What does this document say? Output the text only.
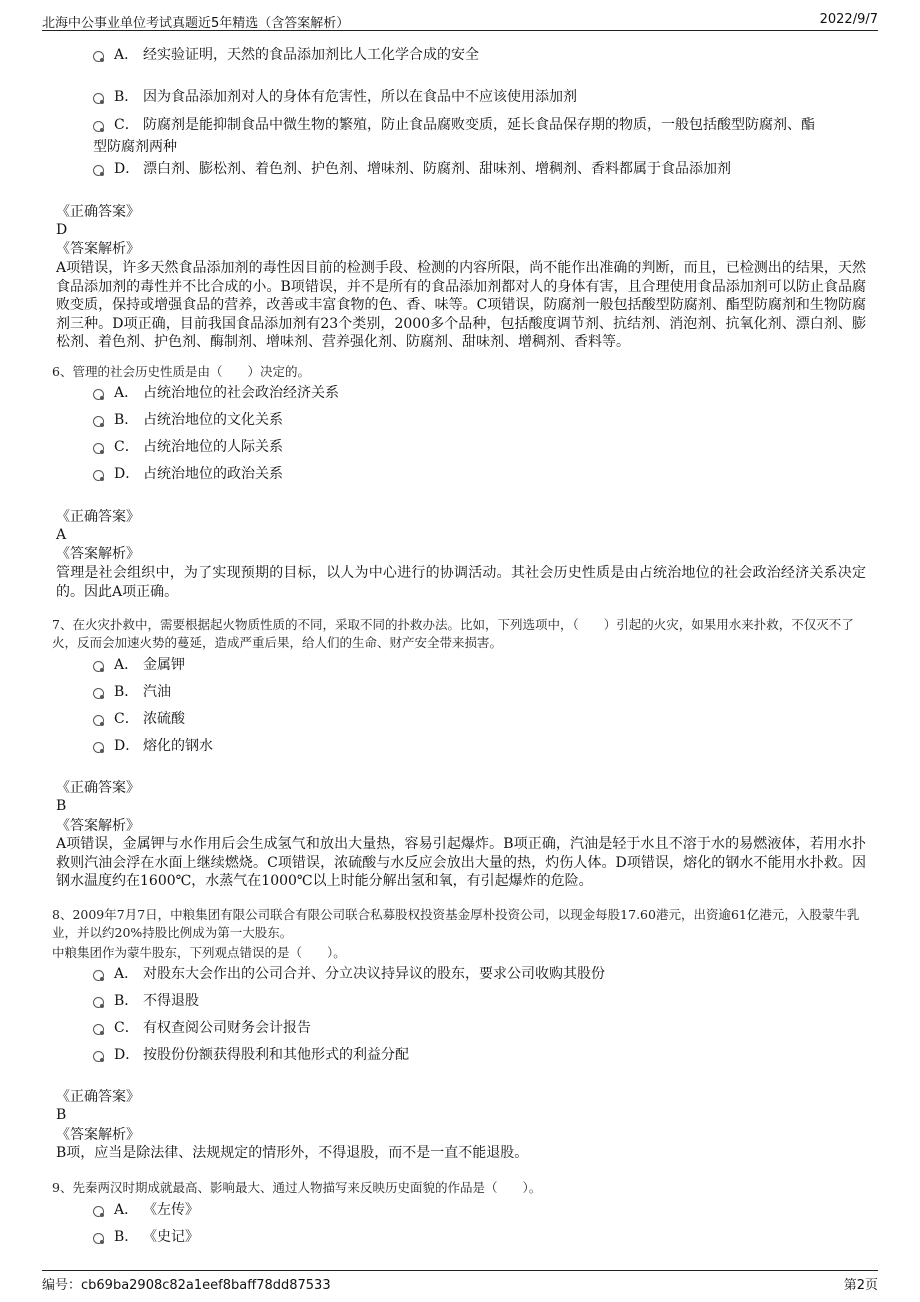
北海中公事业单位考试真题近5年精选（含答案解析）	2022/9/7
A． 经实验证明，天然的食品添加剂比人工化学合成的安全
B． 因为食品添加剂对人的身体有危害性，所以在食品中不应该使用添加剂
C． 防腐剂是能抑制食品中微生物的繁殖，防止食品腐败变质，延长食品保存期的物质，一般包括酸型防腐剂、酯
型防腐剂两种
D． 漂白剂、膨松剂、着色剂、护色剂、增味剂、防腐剂、甜味剂、增稠剂、香料都属于食品添加剂
《正确答案》
D
《答案解析》
A项错误，许多天然食品添加剂的毒性因目前的检测手段、检测的内容所限，尚不能作出准确的判断，而且，已检测出的结果，天然食品添加剂的毒性并不比合成的小。B项错误，并不是所有的食品添加剂都对人的身体有害，且合理使用食品添加剂可以防止食品腐败变质，保持或增强食品的营养，改善或丰富食物的色、香、味等。C项错误，防腐剂一般包括酸型防腐剂、酯型防腐剂和生物防腐剂三种。D项正确，目前我国食品添加剂有23个类别，2000多个品种，包括酸度调节剂、抗结剂、消泡剂、抗氧化剂、漂白剂、膨松剂、着色剂、护色剂、酶制剂、增味剂、营养强化剂、防腐剂、甜味剂、增稠剂、香料等。
6、管理的社会历史性质是由（　　）决定的。
A． 占统治地位的社会政治经济关系
B． 占统治地位的文化关系
C． 占统治地位的人际关系
D． 占统治地位的政治关系
《正确答案》
A
《答案解析》
管理是社会组织中，为了实现预期的目标，以人为中心进行的协调活动。其社会历史性质是由占统治地位的社会政治经济关系决定的。因此A项正确。
7、在火灾扑救中，需要根据起火物质性质的不同，采取不同的扑救办法。比如，下列选项中，（　　）引起的火灾，如果用水来扑救，不仅灭不了火，反而会加速火势的蔓延，造成严重后果，给人们的生命、财产安全带来损害。
A． 金属钾
B． 汽油
C． 浓硫酸
D． 熔化的钢水
《正确答案》
B
《答案解析》
A项错误，金属钾与水作用后会生成氢气和放出大量热，容易引起爆炸。B项正确，汽油是轻于水且不溶于水的易燃液体，若用水扑救则汽油会浮在水面上继续燃烧。C项错误，浓硫酸与水反应会放出大量的热，灼伤人体。D项错误，熔化的钢水不能用水扑救。因钢水温度约在1600℃，水蒸气在1000℃以上时能分解出氢和氧，有引起爆炸的危险。
8、2009年7月7日，中粮集团有限公司联合有限公司联合私募股权投资基金厚朴投资公司，以现金每股17.60港元，出资逾61亿港元，入股蒙牛乳业，并以约20%持股比例成为第一大股东。
中粮集团作为蒙牛股东，下列观点错误的是（　　）。
A． 对股东大会作出的公司合并、分立决议持异议的股东，要求公司收购其股份
B． 不得退股
C． 有权查阅公司财务会计报告
D． 按股份份额获得股利和其他形式的利益分配
《正确答案》
B
《答案解析》
B项，应当是除法律、法规规定的情形外，不得退股，而不是一直不能退股。
9、先秦两汉时期成就最高、影响最大、通过人物描写来反映历史面貌的作品是（　　）。
A． 《左传》
B． 《史记》
编号：cb69ba2908c82a1eef8baff78dd87533	第2页
